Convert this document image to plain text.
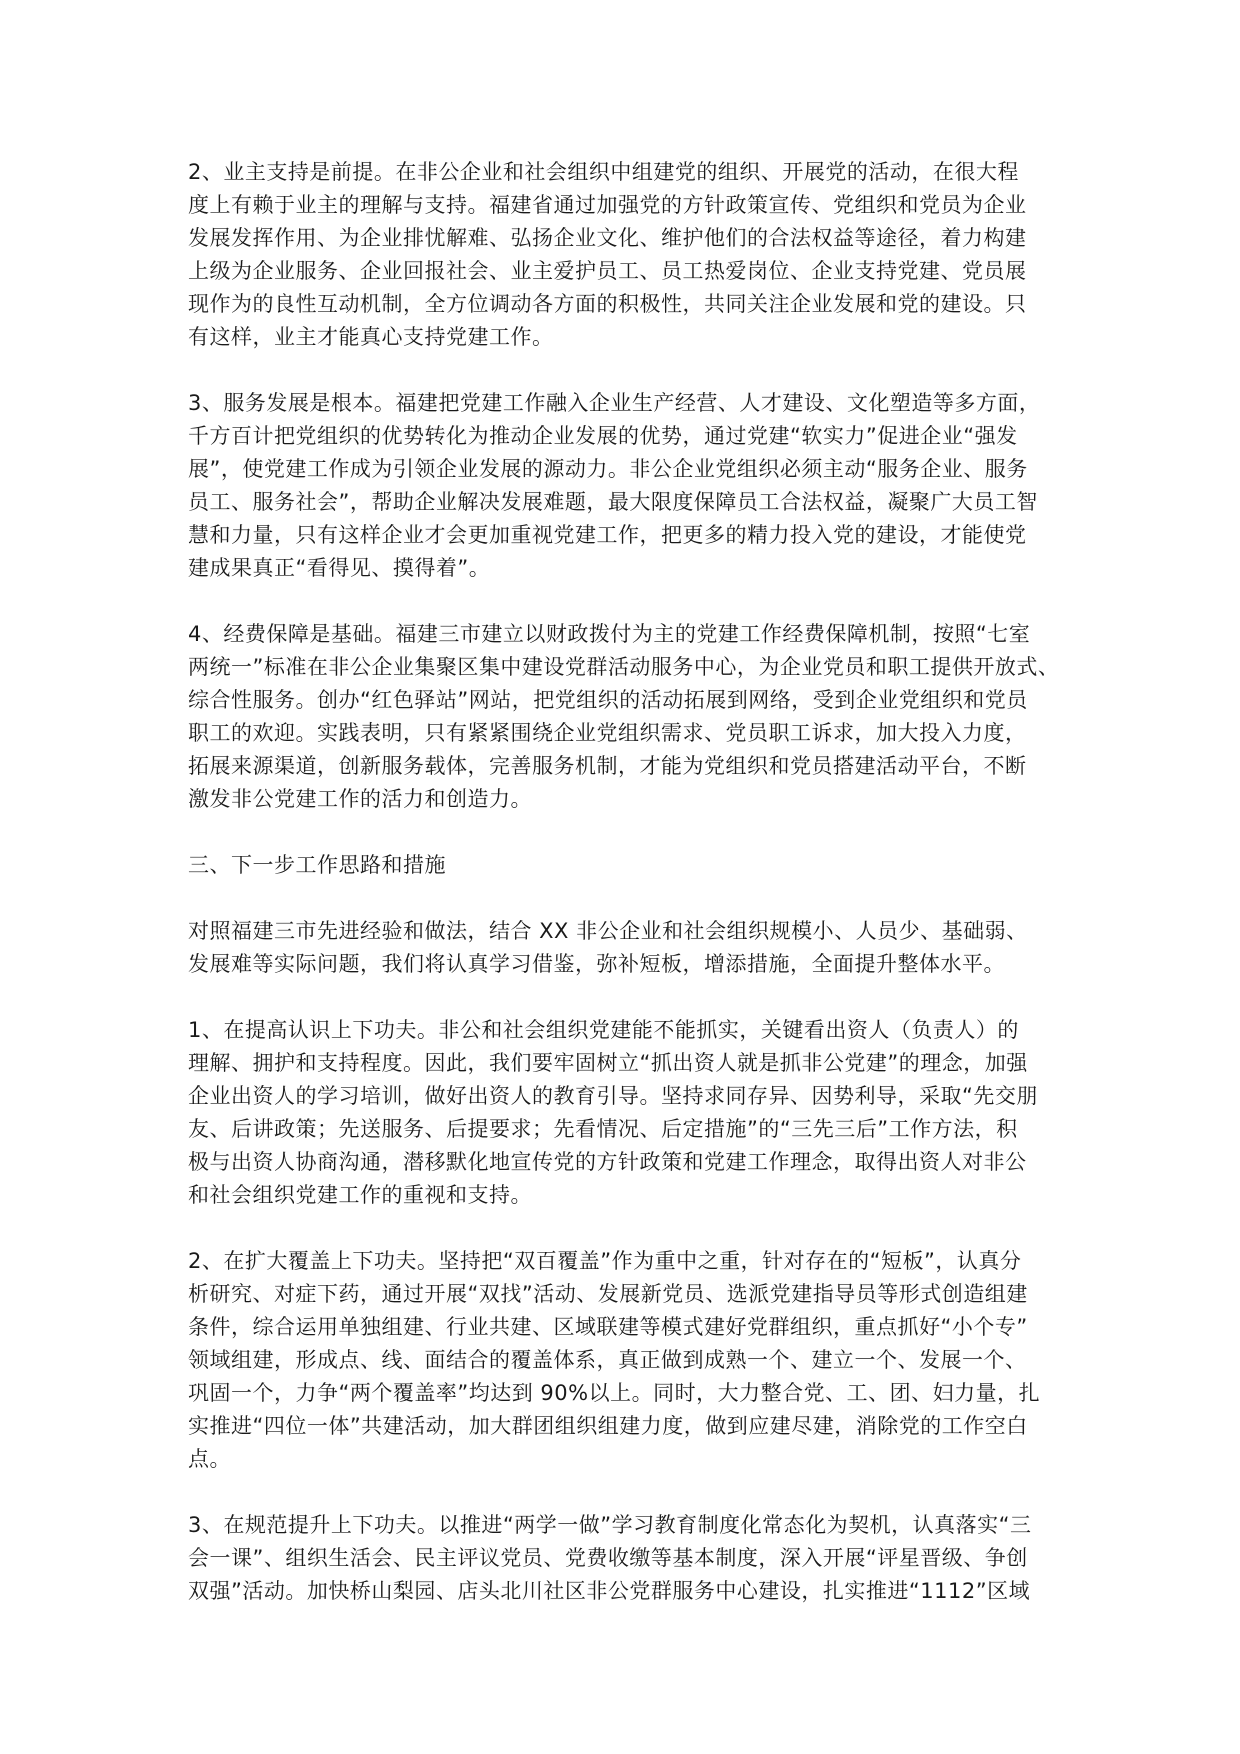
2、业主支持是前提。在非公企业和社会组织中组建党的组织、开展党的活动，在很大程
度上有赖于业主的理解与支持。福建省通过加强党的方针政策宣传、党组织和党员为企业
发展发挥作用、为企业排忧解难、弘扬企业文化、维护他们的合法权益等途径，着力构建
上级为企业服务、企业回报社会、业主爱护员工、员工热爱岗位、企业支持党建、党员展
现作为的良性互动机制，全方位调动各方面的积极性，共同关注企业发展和党的建设。只
有这样，业主才能真心支持党建工作。
3、服务发展是根本。福建把党建工作融入企业生产经营、人才建设、文化塑造等多方面，
千方百计把党组织的优势转化为推动企业发展的优势，通过党建“软实力”促进企业“强发
展”，使党建工作成为引领企业发展的源动力。非公企业党组织必须主动“服务企业、服务
员工、服务社会”，帮助企业解决发展难题，最大限度保障员工合法权益，凝聚广大员工智
慧和力量，只有这样企业才会更加重视党建工作，把更多的精力投入党的建设，才能使党
建成果真正“看得见、摸得着”。
4、经费保障是基础。福建三市建立以财政拨付为主的党建工作经费保障机制，按照“七室
两统一”标准在非公企业集聚区集中建设党群活动服务中心，为企业党员和职工提供开放式、
综合性服务。创办“红色驿站”网站，把党组织的活动拓展到网络，受到企业党组织和党员
职工的欢迎。实践表明，只有紧紧围绕企业党组织需求、党员职工诉求，加大投入力度，
拓展来源渠道，创新服务载体，完善服务机制，才能为党组织和党员搭建活动平台，不断
激发非公党建工作的活力和创造力。
三、下一步工作思路和措施
对照福建三市先进经验和做法，结合 XX 非公企业和社会组织规模小、人员少、基础弱、
发展难等实际问题，我们将认真学习借鉴，弥补短板，增添措施，全面提升整体水平。
1、在提高认识上下功夫。非公和社会组织党建能不能抓实，关键看出资人（负责人）的
理解、拥护和支持程度。因此，我们要牢固树立“抓出资人就是抓非公党建”的理念，加强
企业出资人的学习培训，做好出资人的教育引导。坚持求同存异、因势利导，采取“先交朋
友、后讲政策；先送服务、后提要求；先看情况、后定措施”的“三先三后”工作方法，积
极与出资人协商沟通，潜移默化地宣传党的方针政策和党建工作理念，取得出资人对非公
和社会组织党建工作的重视和支持。
2、在扩大覆盖上下功夫。坚持把“双百覆盖”作为重中之重，针对存在的“短板”，认真分
析研究、对症下药，通过开展“双找”活动、发展新党员、选派党建指导员等形式创造组建
条件，综合运用单独组建、行业共建、区域联建等模式建好党群组织，重点抓好“小个专”
领域组建，形成点、线、面结合的覆盖体系，真正做到成熟一个、建立一个、发展一个、
巩固一个，力争“两个覆盖率”均达到 90%以上。同时，大力整合党、工、团、妇力量，扎
实推进“四位一体”共建活动，加大群团组织组建力度，做到应建尽建，消除党的工作空白
点。
3、在规范提升上下功夫。以推进“两学一做”学习教育制度化常态化为契机，认真落实“三
会一课”、组织生活会、民主评议党员、党费收缴等基本制度，深入开展“评星晋级、争创
双强”活动。加快桥山梨园、店头北川社区非公党群服务中心建设，扎实推进“1112”区域
